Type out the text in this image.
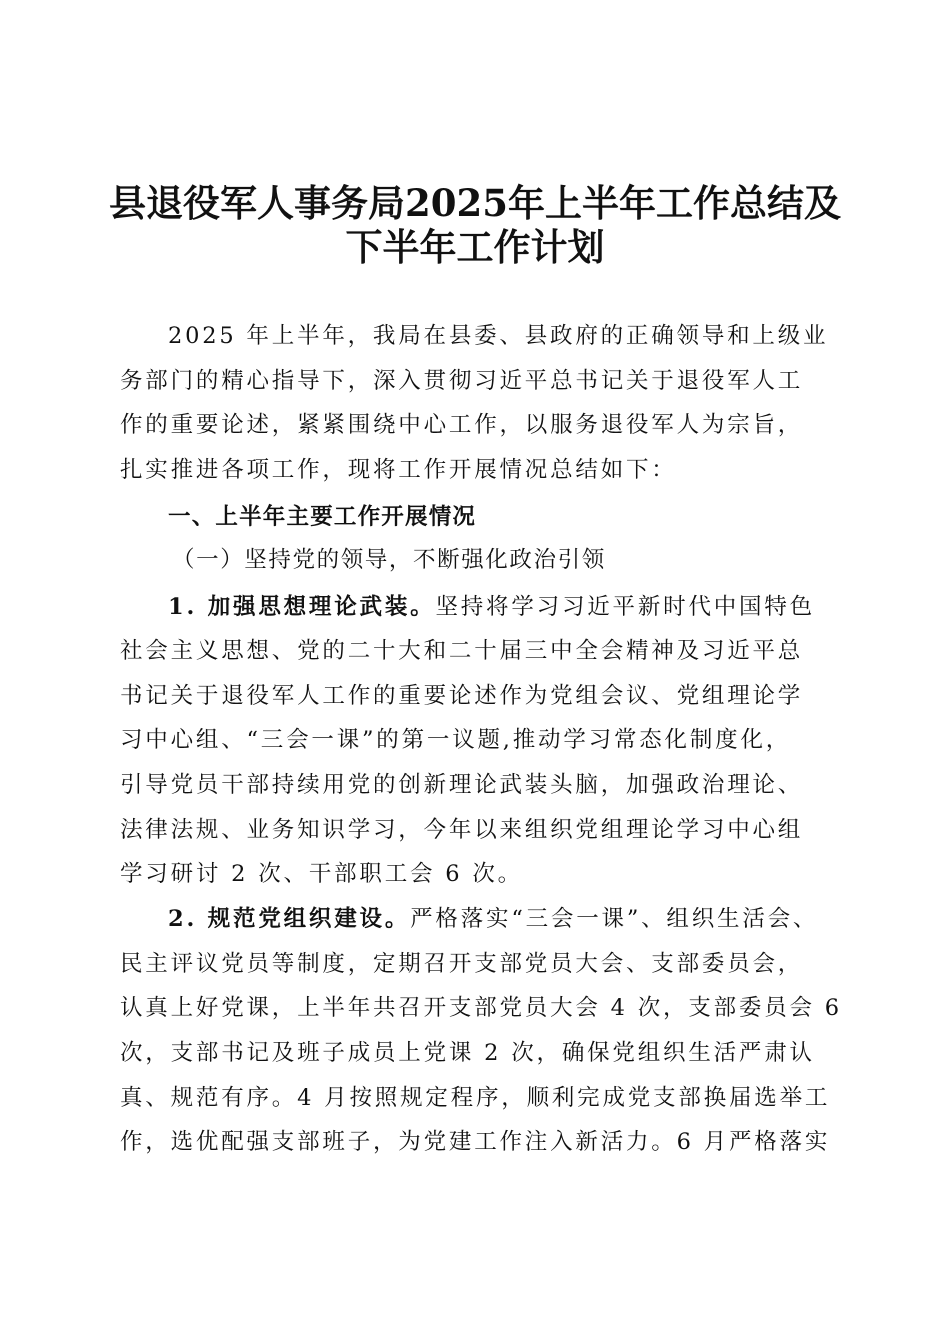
县退役军人事务局2025年上半年工作总结及
下半年工作计划
2025 年上半年，我局在县委、县政府的正确领导和上级业
务部门的精心指导下，深入贯彻习近平总书记关于退役军人工
作的重要论述，紧紧围绕中心工作，以服务退役军人为宗旨，
扎实推进各项工作，现将工作开展情况总结如下：
一、上半年主要工作开展情况
（一）坚持党的领导，不断强化政治引领
1. 加强思想理论武装。坚持将学习习近平新时代中国特色
社会主义思想、党的二十大和二十届三中全会精神及习近平总
书记关于退役军人工作的重要论述作为党组会议、党组理论学
习中心组、“三会一课”的第一议题,推动学习常态化制度化，
引导党员干部持续用党的创新理论武装头脑，加强政治理论、
法律法规、业务知识学习，今年以来组织党组理论学习中心组
学习研讨 2 次、干部职工会 6 次。
2. 规范党组织建设。严格落实“三会一课”、组织生活会、
民主评议党员等制度，定期召开支部党员大会、支部委员会，
认真上好党课，上半年共召开支部党员大会 4 次，支部委员会 6
次，支部书记及班子成员上党课 2 次，确保党组织生活严肃认
真、规范有序。4 月按照规定程序，顺利完成党支部换届选举工
作，选优配强支部班子，为党建工作注入新活力。6 月严格落实
